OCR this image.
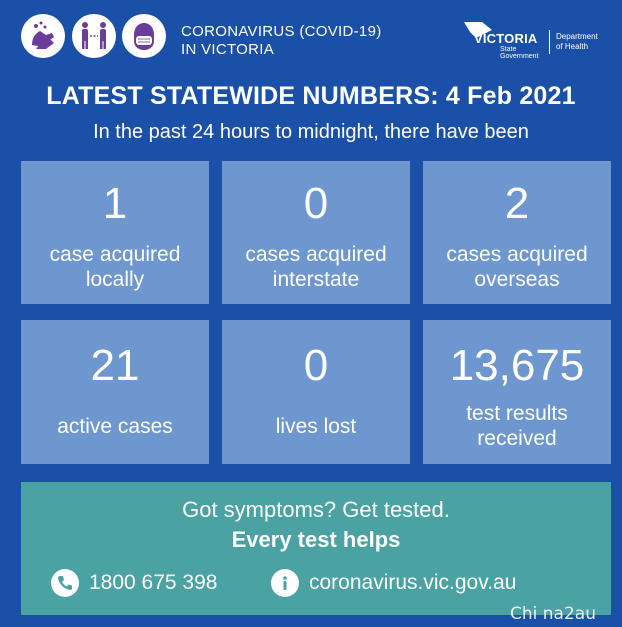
CORONAVIRUS (COVID-19)
IN VICTORIA
VICTORIA
State
Government
Department
of Health
LATEST STATEWIDE NUMBERS: 4 Feb 2021
In the past 24 hours to midnight, there have been
1
case acquired
locally
0
cases acquired
interstate
2
cases acquired
overseas
21
active cases
0
lives lost
13,675
test results
received
Got symptoms? Get tested.
Every test helps
1800 675 398	coronavirus.vic.gov.au
Chi na2au
